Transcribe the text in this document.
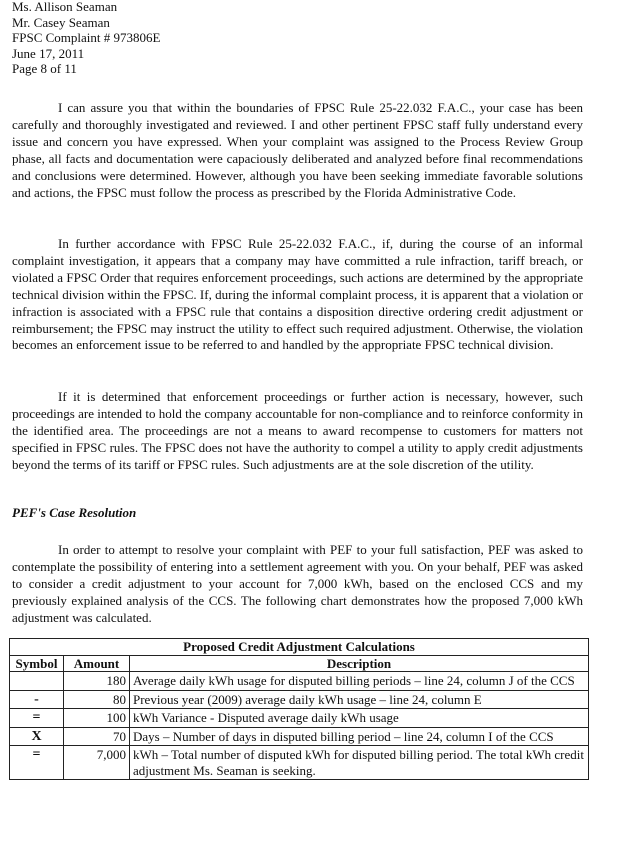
Ms. Allison Seaman
Mr. Casey Seaman
FPSC Complaint # 973806E
June 17, 2011
Page 8 of 11

I can assure you that within the boundaries of FPSC Rule 25-22.032 F.A.C., your case has been carefully and thoroughly investigated and reviewed. I and other pertinent FPSC staff fully understand every issue and concern you have expressed. When your complaint was assigned to the Process Review Group phase, all facts and documentation were capaciously deliberated and analyzed before final recommendations and conclusions were determined. However, although you have been seeking immediate favorable solutions and actions, the FPSC must follow the process as prescribed by the Florida Administrative Code.

In further accordance with FPSC Rule 25-22.032 F.A.C., if, during the course of an informal complaint investigation, it appears that a company may have committed a rule infraction, tariff breach, or violated a FPSC Order that requires enforcement proceedings, such actions are determined by the appropriate technical division within the FPSC. If, during the informal complaint process, it is apparent that a violation or infraction is associated with a FPSC rule that contains a disposition directive ordering credit adjustment or reimbursement; the FPSC may instruct the utility to effect such required adjustment. Otherwise, the violation becomes an enforcement issue to be referred to and handled by the appropriate FPSC technical division.

If it is determined that enforcement proceedings or further action is necessary, however, such proceedings are intended to hold the company accountable for non-compliance and to reinforce conformity in the identified area. The proceedings are not a means to award recompense to customers for matters not specified in FPSC rules. The FPSC does not have the authority to compel a utility to apply credit adjustments beyond the terms of its tariff or FPSC rules. Such adjustments are at the sole discretion of the utility.

PEF's Case Resolution

In order to attempt to resolve your complaint with PEF to your full satisfaction, PEF was asked to contemplate the possibility of entering into a settlement agreement with you. On your behalf, PEF was asked to consider a credit adjustment to your account for 7,000 kWh, based on the enclosed CCS and my previously explained analysis of the CCS. The following chart demonstrates how the proposed 7,000 kWh adjustment was calculated.

Proposed Credit Adjustment Calculations		
Symbol	Amount	Description
	180	Average daily kWh usage for disputed billing periods – line 24, column J of the CCS
-	80	Previous year (2009) average daily kWh usage – line 24, column E
=	100	kWh Variance - Disputed average daily kWh usage
X	70	Days – Number of days in disputed billing period – line 24, column I of the CCS
=	7,000	kWh – Total number of disputed kWh for disputed billing period. The total kWh credit adjustment Ms. Seaman is seeking.
